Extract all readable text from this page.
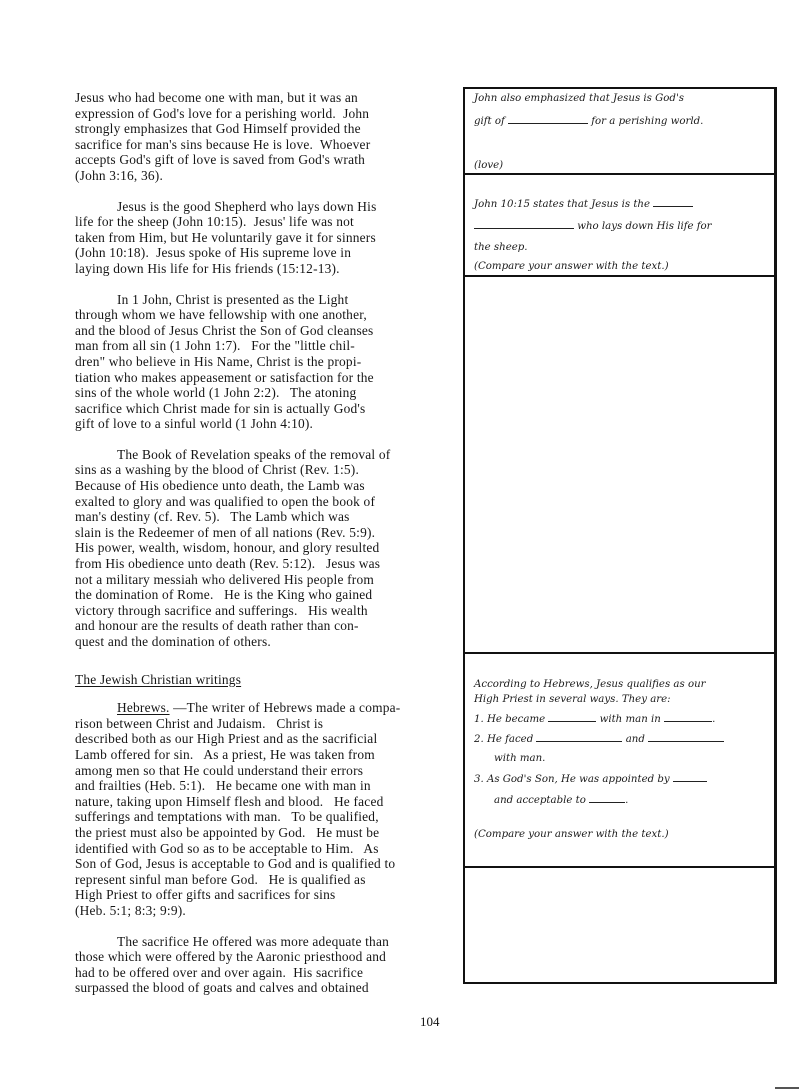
Jesus who had become one with man, but it was an
expression of God's love for a perishing world.  John
strongly emphasizes that God Himself provided the
sacrifice for man's sins because He is love.  Whoever
accepts God's gift of love is saved from God's wrath
(John 3:16, 36).
Jesus is the good Shepherd who lays down His
life for the sheep (John 10:15).  Jesus' life was not
taken from Him, but He voluntarily gave it for sinners
(John 10:18).  Jesus spoke of His supreme love in
laying down His life for His friends (15:12-13).
In 1 John, Christ is presented as the Light
through whom we have fellowship with one another,
and the blood of Jesus Christ the Son of God cleanses
man from all sin (1 John 1:7).   For the "little chil-
dren" who believe in His Name, Christ is the propi-
tiation who makes appeasement or satisfaction for the
sins of the whole world (1 John 2:2).   The atoning
sacrifice which Christ made for sin is actually God's
gift of love to a sinful world (1 John 4:10).
The Book of Revelation speaks of the removal of
sins as a washing by the blood of Christ (Rev. 1:5).
Because of His obedience unto death, the Lamb was
exalted to glory and was qualified to open the book of
man's destiny (cf. Rev. 5).   The Lamb which was
slain is the Redeemer of men of all nations (Rev. 5:9).
His power, wealth, wisdom, honour, and glory resulted
from His obedience unto death (Rev. 5:12).   Jesus was
not a military messiah who delivered His people from
the domination of Rome.   He is the King who gained
victory through sacrifice and sufferings.   His wealth
and honour are the results of death rather than con-
quest and the domination of others.
The Jewish Christian writings
Hebrews. —The writer of Hebrews made a compa-
rison between Christ and Judaism.   Christ is
described both as our High Priest and as the sacrificial
Lamb offered for sin.   As a priest, He was taken from
among men so that He could understand their errors
and frailties (Heb. 5:1).   He became one with man in
nature, taking upon Himself flesh and blood.   He faced
sufferings and temptations with man.   To be qualified,
the priest must also be appointed by God.   He must be
identified with God so as to be acceptable to Him.   As
Son of God, Jesus is acceptable to God and is qualified to
represent sinful man before God.   He is qualified as
High Priest to offer gifts and sacrifices for sins
(Heb. 5:1; 8:3; 9:9).
The sacrifice He offered was more adequate than
those which were offered by the Aaronic priesthood and
had to be offered over and over again.  His sacrifice
surpassed the blood of goats and calves and obtained
John also emphasized that Jesus is God's
gift of	for a perishing world.
(love)
John 10:15 states that Jesus is the
who lays down His life for
the sheep.
(Compare your answer with the text.)
According to Hebrews, Jesus qualifies as our
High Priest in several ways. They are:
1. He became	with man in	.
2. He faced	and
with man.
3. As God's Son, He was appointed by
and acceptable to	.
(Compare your answer with the text.)
104
